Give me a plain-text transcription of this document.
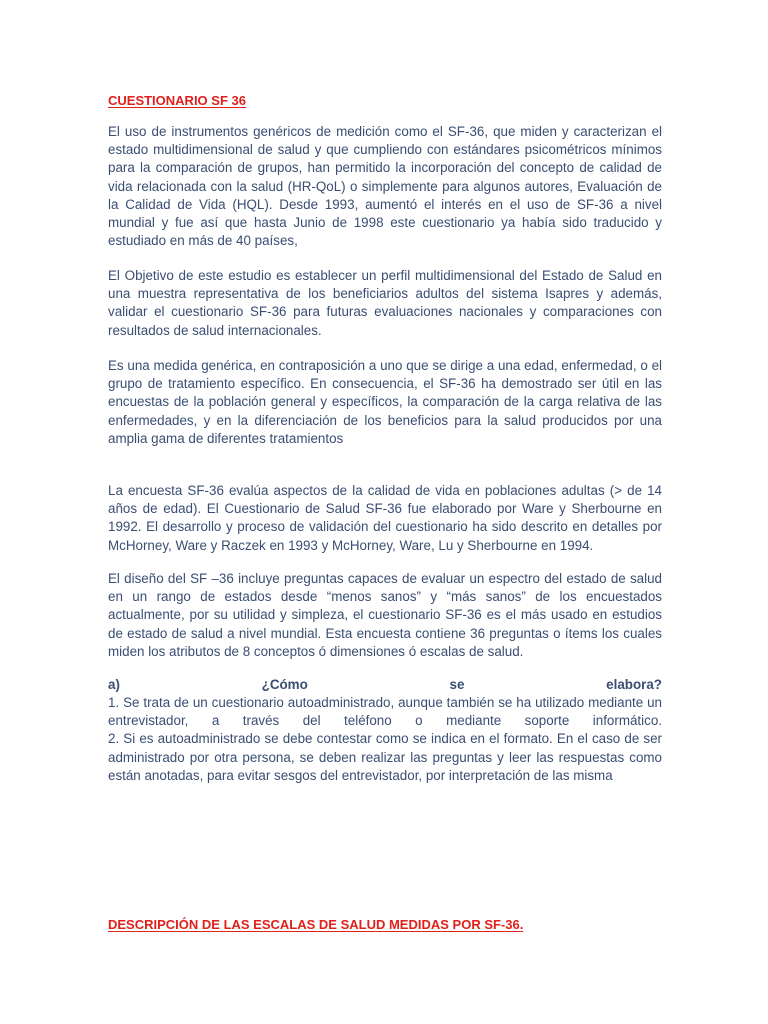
CUESTIONARIO SF 36

El uso de instrumentos genéricos de medición como el SF-36, que miden y caracterizan el estado multidimensional de salud y que cumpliendo con estándares psicométricos mínimos para la comparación de grupos, han permitido la incorporación del concepto de calidad de vida relacionada con la salud (HR-QoL) o simplemente para algunos autores, Evaluación de la Calidad de Vida (HQL). Desde 1993, aumentó el interés en el uso de SF-36 a nivel mundial y fue así que hasta Junio de 1998 este cuestionario ya había sido traducido y estudiado en más de 40 países,

El Objetivo de este estudio es establecer un perfil multidimensional del Estado de Salud en una muestra representativa de los beneficiarios adultos del sistema Isapres y además, validar el cuestionario SF-36 para futuras evaluaciones nacionales y comparaciones con resultados de salud internacionales.

Es una medida genérica, en contraposición a uno que se dirige a una edad, enfermedad, o el grupo de tratamiento específico. En consecuencia, el SF-36 ha demostrado ser útil en las encuestas de la población general y específicos, la comparación de la carga relativa de las enfermedades, y en la diferenciación de los beneficios para la salud producidos por una amplia gama de diferentes tratamientos

La encuesta SF-36 evalúa aspectos de la calidad de vida en poblaciones adultas (> de 14 años de edad). El Cuestionario de Salud SF-36 fue elaborado por Ware y Sherbourne en 1992. El desarrollo y proceso de validación del cuestionario ha sido descrito en detalles por McHorney, Ware y Raczek en 1993 y McHorney, Ware, Lu y Sherbourne en 1994.

El diseño del SF –36 incluye preguntas capaces de evaluar un espectro del estado de salud en un rango de estados desde “menos sanos” y “más sanos” de los encuestados actualmente, por su utilidad y simpleza, el cuestionario SF-36 es el más usado en estudios de estado de salud a nivel mundial. Esta encuesta contiene 36 preguntas o ítems los cuales miden los atributos de 8 conceptos ó dimensiones ó escalas de salud.

a)	¿Cómo	se	elabora?

1. Se trata de un cuestionario autoadministrado, aunque también se ha utilizado mediante un entrevistador, a través del teléfono o mediante soporte informático.

2. Si es autoadministrado se debe contestar como se indica en el formato. En el caso de ser administrado por otra persona, se deben realizar las preguntas y leer las respuestas como están anotadas, para evitar sesgos del entrevistador, por interpretación de las misma

DESCRIPCIÓN DE LAS ESCALAS DE SALUD MEDIDAS POR SF-36.
